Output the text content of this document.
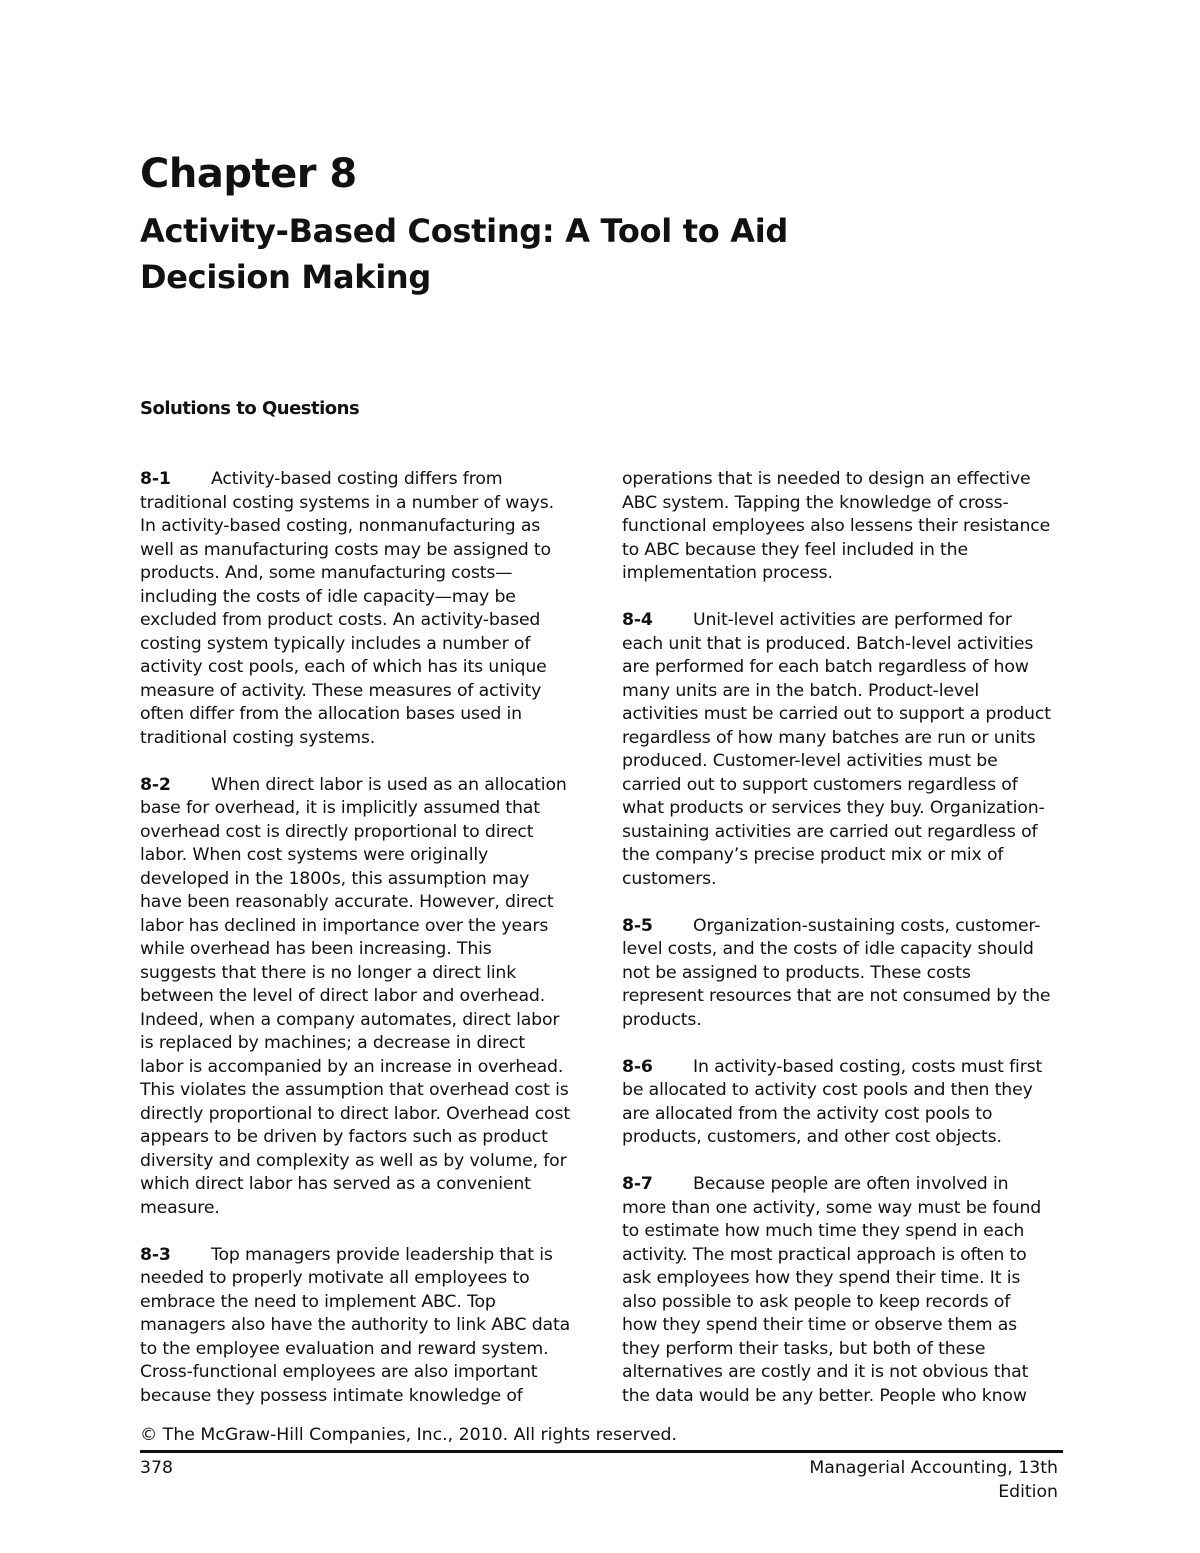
Chapter 8
Activity-Based Costing: A Tool to Aid Decision Making
Solutions to Questions
8-1 Activity-based costing differs from
traditional costing systems in a number of ways.
In activity-based costing, nonmanufacturing as
well as manufacturing costs may be assigned to
products. And, some manufacturing costs—
including the costs of idle capacity—may be
excluded from product costs. An activity-based
costing system typically includes a number of
activity cost pools, each of which has its unique
measure of activity. These measures of activity
often differ from the allocation bases used in
traditional costing systems.
8-2 When direct labor is used as an allocation
base for overhead, it is implicitly assumed that
overhead cost is directly proportional to direct
labor. When cost systems were originally
developed in the 1800s, this assumption may
have been reasonably accurate. However, direct
labor has declined in importance over the years
while overhead has been increasing. This
suggests that there is no longer a direct link
between the level of direct labor and overhead.
Indeed, when a company automates, direct labor
is replaced by machines; a decrease in direct
labor is accompanied by an increase in overhead.
This violates the assumption that overhead cost is
directly proportional to direct labor. Overhead cost
appears to be driven by factors such as product
diversity and complexity as well as by volume, for
which direct labor has served as a convenient
measure.
8-3 Top managers provide leadership that is
needed to properly motivate all employees to
embrace the need to implement ABC. Top
managers also have the authority to link ABC data
to the employee evaluation and reward system.
Cross-functional employees are also important
because they possess intimate knowledge of
operations that is needed to design an effective
ABC system. Tapping the knowledge of cross-
functional employees also lessens their resistance
to ABC because they feel included in the
implementation process.
8-4 Unit-level activities are performed for
each unit that is produced. Batch-level activities
are performed for each batch regardless of how
many units are in the batch. Product-level
activities must be carried out to support a product
regardless of how many batches are run or units
produced. Customer-level activities must be
carried out to support customers regardless of
what products or services they buy. Organization-
sustaining activities are carried out regardless of
the company’s precise product mix or mix of
customers.
8-5 Organization-sustaining costs, customer-
level costs, and the costs of idle capacity should
not be assigned to products. These costs
represent resources that are not consumed by the
products.
8-6 In activity-based costing, costs must first
be allocated to activity cost pools and then they
are allocated from the activity cost pools to
products, customers, and other cost objects.
8-7 Because people are often involved in
more than one activity, some way must be found
to estimate how much time they spend in each
activity. The most practical approach is often to
ask employees how they spend their time. It is
also possible to ask people to keep records of
how they spend their time or observe them as
they perform their tasks, but both of these
alternatives are costly and it is not obvious that
the data would be any better. People who know
© The McGraw-Hill Companies, Inc., 2010. All rights reserved.
378	Managerial Accounting, 13th Edition
